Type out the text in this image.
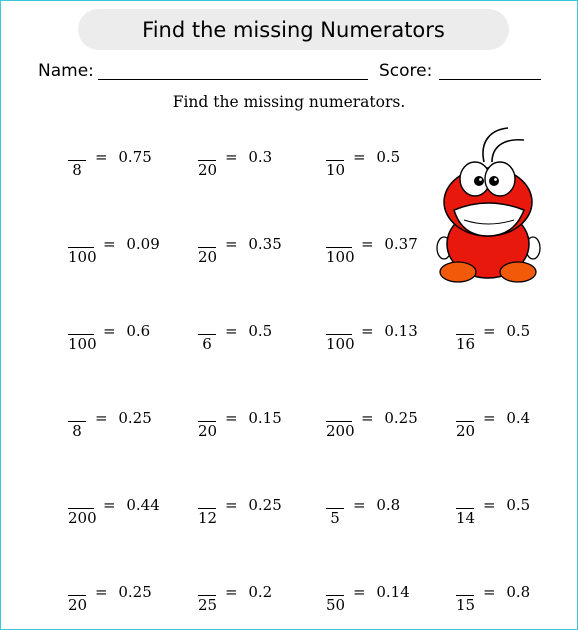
Find the missing Numerators
Name:	Score:
Find the missing numerators.
8
= 0.75
20
= 0.3
10
= 0.5
100
= 0.09
20
= 0.35
100
= 0.37
100
= 0.6
6
= 0.5
100
= 0.13
16
= 0.5
8
= 0.25
20
= 0.15
200
= 0.25
20
= 0.4
200
= 0.44
12
= 0.25
5
= 0.8
14
= 0.5
20
= 0.25
25
= 0.2
50
= 0.14
15
= 0.8
